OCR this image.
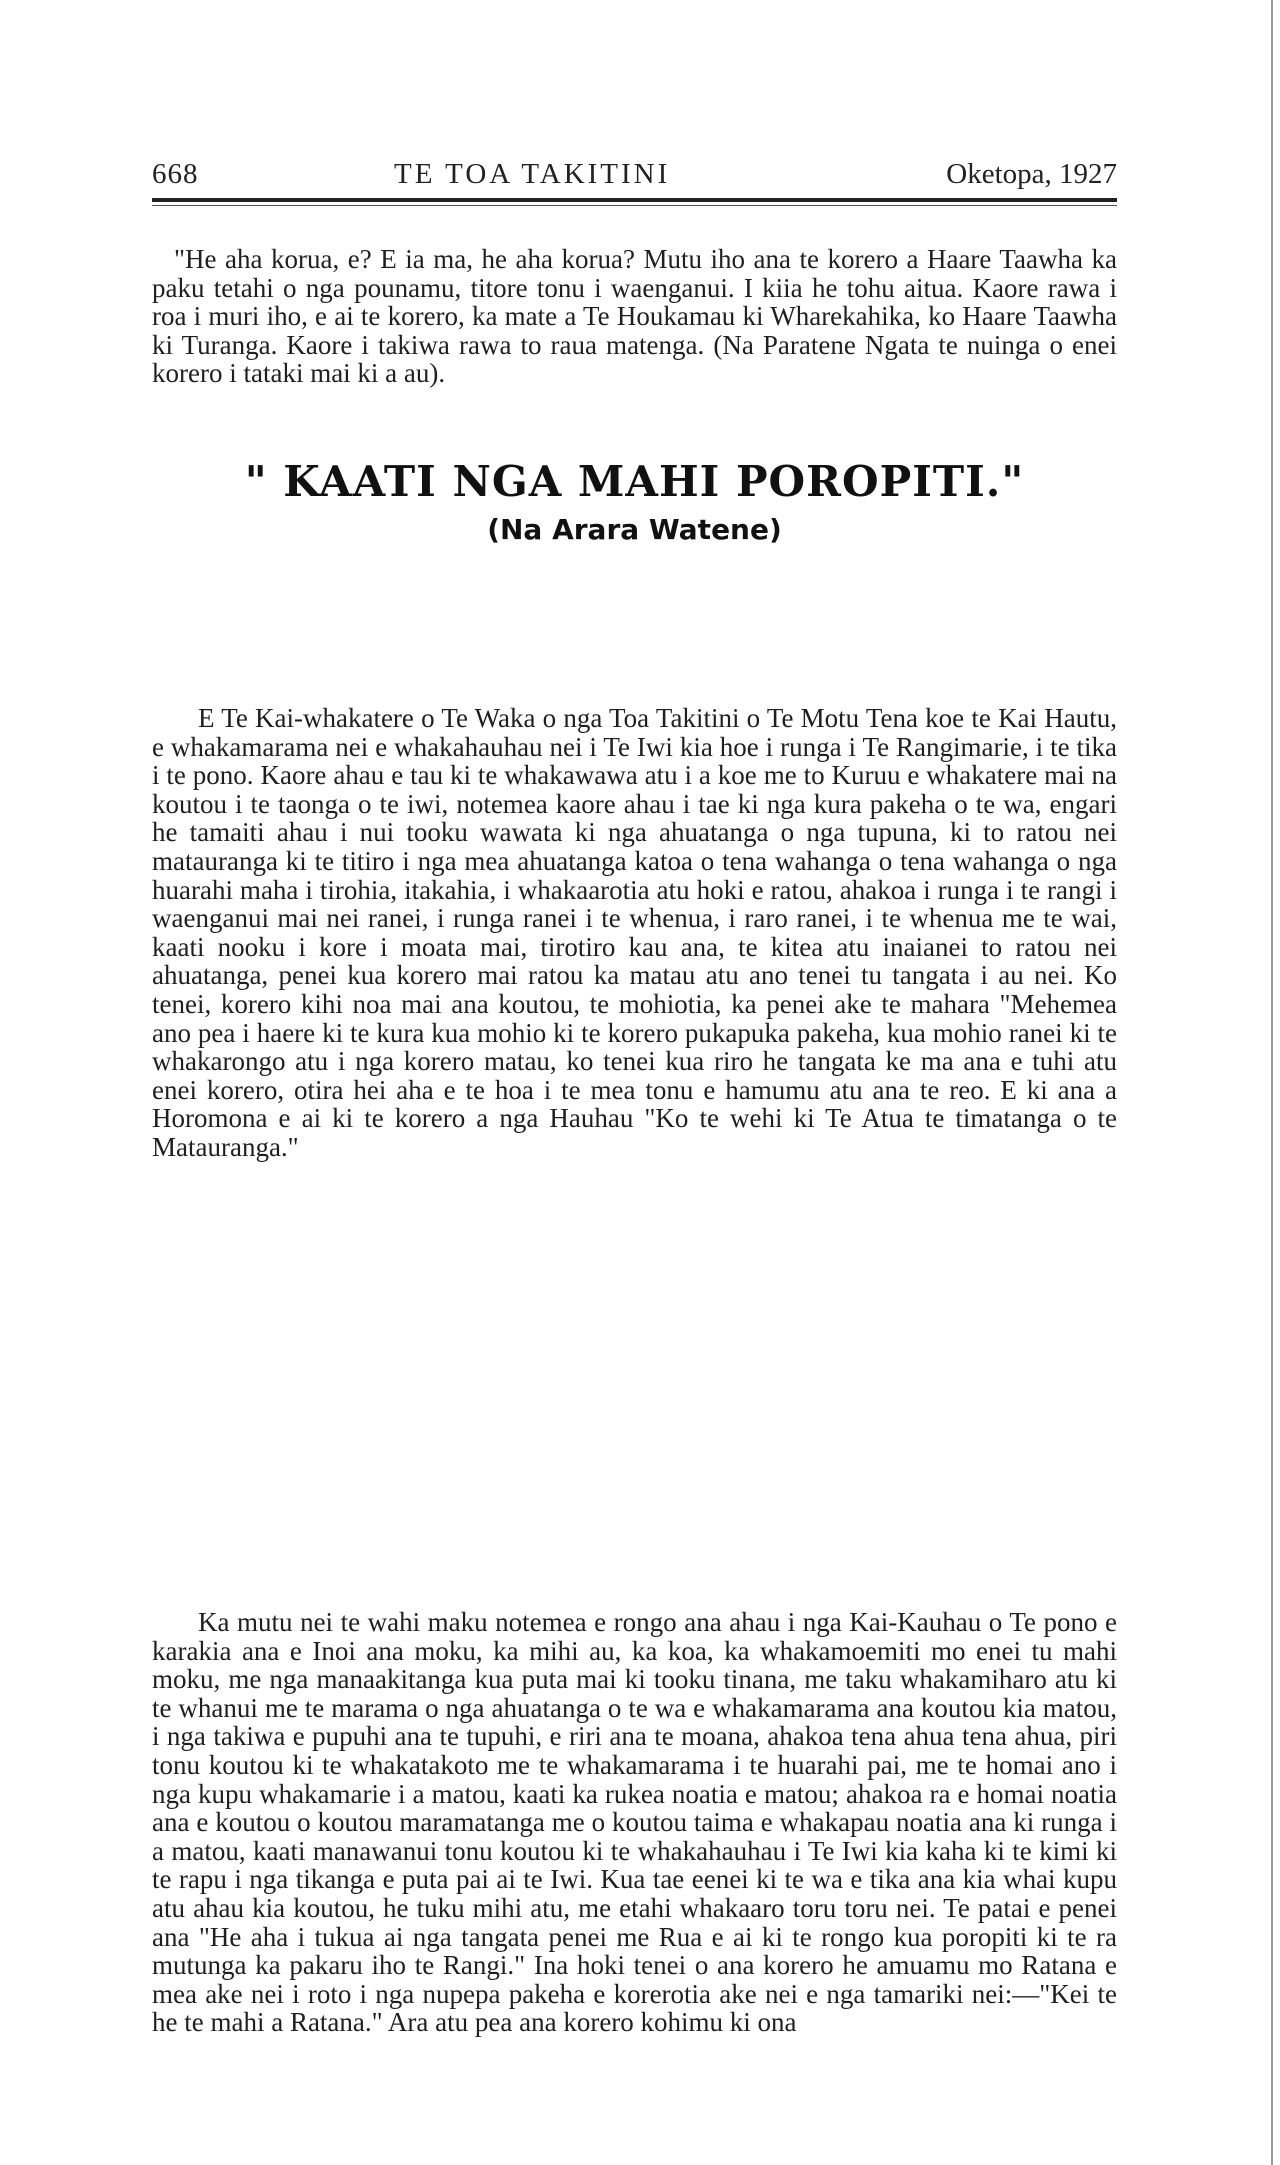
668	TE TOA TAKITINI	Oketopa, 1927

"He aha korua, e? E ia ma, he aha korua? Mutu iho ana te korero a Haare Taawha ka paku tetahi o nga pounamu, titore tonu i waenganui. I kiia he tohu aitua. Kaore rawa i roa i muri iho, e ai te korero, ka mate a Te Houkamau ki Wharekahika, ko Haare Taawha ki Turanga. Kaore i takiwa rawa to raua matenga. (Na Paratene Ngata te nuinga o enei korero i tataki mai ki a au).

" KAATI NGA MAHI POROPITI."
(Na Arara Watene)

E Te Kai-whakatere o Te Waka o nga Toa Takitini o Te Motu Tena koe te Kai Hautu, e whakamarama nei e whakahauhau nei i Te Iwi kia hoe i runga i Te Rangimarie, i te tika i te pono. Kaore ahau e tau ki te whakawawa atu i a koe me to Kuruu e whakatere mai na koutou i te taonga o te iwi, notemea kaore ahau i tae ki nga kura pakeha o te wa, engari he tamaiti ahau i nui tooku wawata ki nga ahuatanga o nga tupuna, ki to ratou nei matauranga ki te titiro i nga mea ahuatanga katoa o tena wahanga o tena wahanga o nga huarahi maha i tirohia, itakahia, i whakaarotia atu hoki e ratou, ahakoa i runga i te rangi i waenganui mai nei ranei, i runga ranei i te whenua, i raro ranei, i te whenua me te wai, kaati nooku i kore i moata mai, tirotiro kau ana, te kitea atu inaianei to ratou nei ahuatanga, penei kua korero mai ratou ka matau atu ano tenei tu tangata i au nei. Ko tenei, korero kihi noa mai ana koutou, te mohiotia, ka penei ake te mahara "Mehemea ano pea i haere ki te kura kua mohio ki te korero pukapuka pakeha, kua mohio ranei ki te whakarongo atu i nga korero matau, ko tenei kua riro he tangata ke ma ana e tuhi atu enei korero, otira hei aha e te hoa i te mea tonu e hamumu atu ana te reo. E ki ana a Horomona e ai ki te korero a nga Hauhau "Ko te wehi ki Te Atua te timatanga o te Matauranga."

Ka mutu nei te wahi maku notemea e rongo ana ahau i nga Kai-Kauhau o Te pono e karakia ana e Inoi ana moku, ka mihi au, ka koa, ka whakamoemiti mo enei tu mahi moku, me nga manaakitanga kua puta mai ki tooku tinana, me taku whakamiharo atu ki te whanui me te marama o nga ahuatanga o te wa e whakamarama ana koutou kia matou, i nga takiwa e pupuhi ana te tupuhi, e riri ana te moana, ahakoa tena ahua tena ahua, piri tonu koutou ki te whakatakoto me te whakamarama i te huarahi pai, me te homai ano i nga kupu whakamarie i a matou, kaati ka rukea noatia e matou; ahakoa ra e homai noatia ana e koutou o koutou maramatanga me o koutou taima e whakapau noatia ana ki runga i a matou, kaati manawanui tonu koutou ki te whakahauhau i Te Iwi kia kaha ki te kimi ki te rapu i nga tikanga e puta pai ai te Iwi. Kua tae eenei ki te wa e tika ana kia whai kupu atu ahau kia koutou, he tuku mihi atu, me etahi whakaaro toru toru nei. Te patai e penei ana "He aha i tukua ai nga tangata penei me Rua e ai ki te rongo kua poropiti ki te ra mutunga ka pakaru iho te Rangi." Ina hoki tenei o ana korero he amuamu mo Ratana e mea ake nei i roto i nga nupepa pakeha e korerotia ake nei e nga tamariki nei:—"Kei te he te mahi a Ratana." Ara atu pea ana korero kohimu ki ona
